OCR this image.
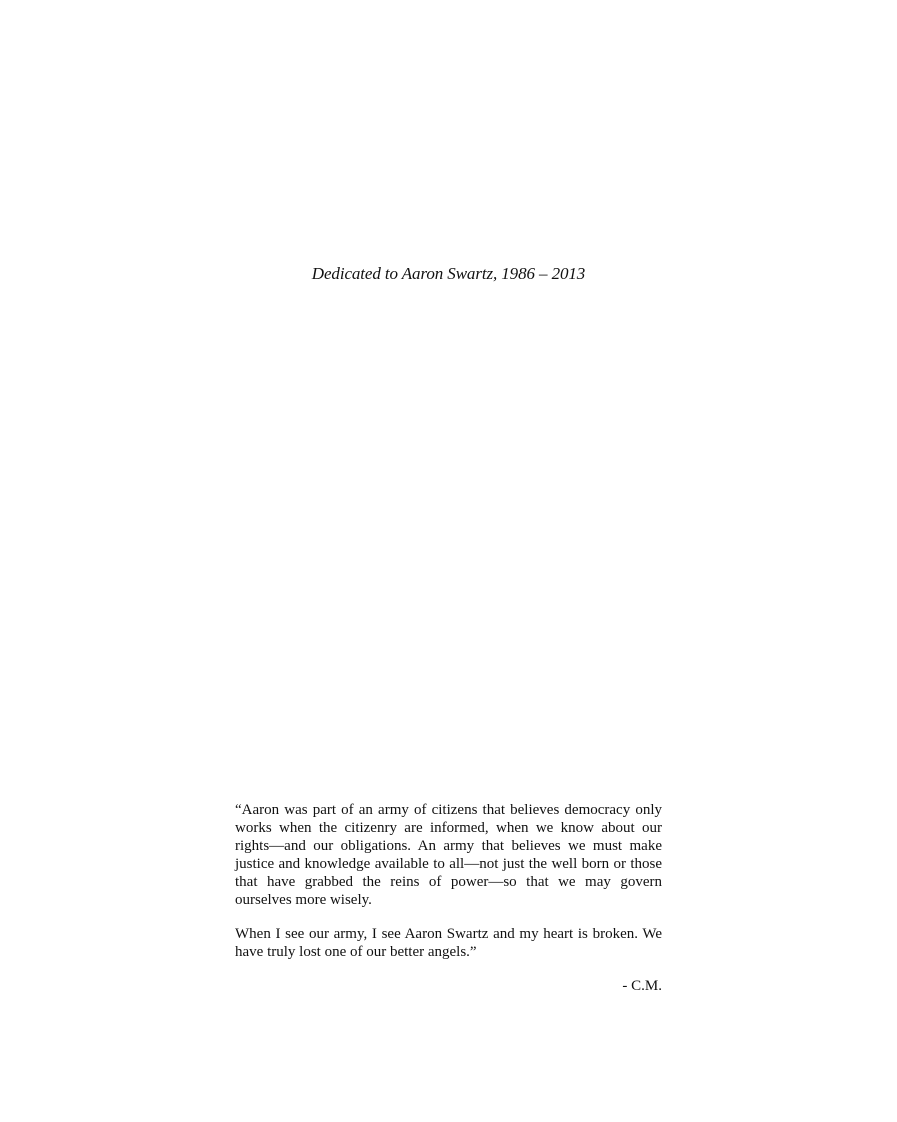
Dedicated to Aaron Swartz, 1986 – 2013

“Aaron was part of an army of citizens that believes democracy only works when the citizenry are informed, when we know about our rights—and our obligations. An army that believes we must make justice and knowledge available to all—not just the well born or those that have grabbed the reins of power—so that we may govern ourselves more wisely.

When I see our army, I see Aaron Swartz and my heart is broken. We have truly lost one of our better angels.”

- C.M.
